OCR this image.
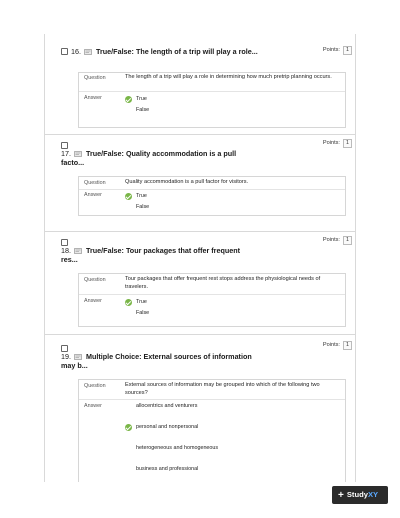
16. True/False: The length of a trip will play a role...	Points: 1
Question	The length of a trip will play a role in determining how much pretrip planning occurs.
Answer	True
False
17. True/False: Quality accommodation is a pull
facto...
Points: 1
Question	Quality accommodation is a pull factor for visitors.
Answer	True
False
18. True/False: Tour packages that offer frequent
res...
Points: 1
Question	Tour packages that offer frequent rest stops address the physiological needs of travelers.
Answer	True
False
19. Multiple Choice: External sources of information
may b...
Points: 1
Question	External sources of information may be grouped into which of the following two sources?
Answer	allocentrics and venturers
personal and nonpersonal
heterogeneous and homogeneous
business and professional
+ StudyXY
